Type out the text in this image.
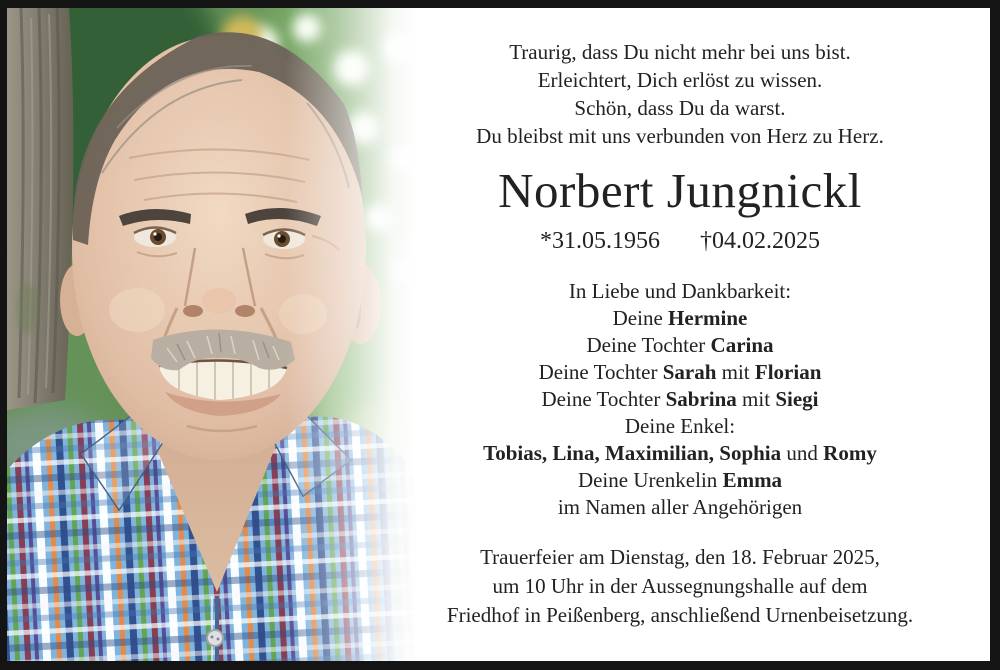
Traurig, dass Du nicht mehr bei uns bist.
Erleichtert, Dich erlöst zu wissen.
Schön, dass Du da warst.
Du bleibst mit uns verbunden von Herz zu Herz.
Norbert Jungnickl
*31.05.1956 †04.02.2025
In Liebe und Dankbarkeit:
Deine Hermine
Deine Tochter Carina
Deine Tochter Sarah mit Florian
Deine Tochter Sabrina mit Siegi
Deine Enkel:
Tobias, Lina, Maximilian, Sophia und Romy
Deine Urenkelin Emma
im Namen aller Angehörigen
Trauerfeier am Dienstag, den 18. Februar 2025,
um 10 Uhr in der Aussegnungshalle auf dem
Friedhof in Peißenberg, anschließend Urnenbeisetzung.
